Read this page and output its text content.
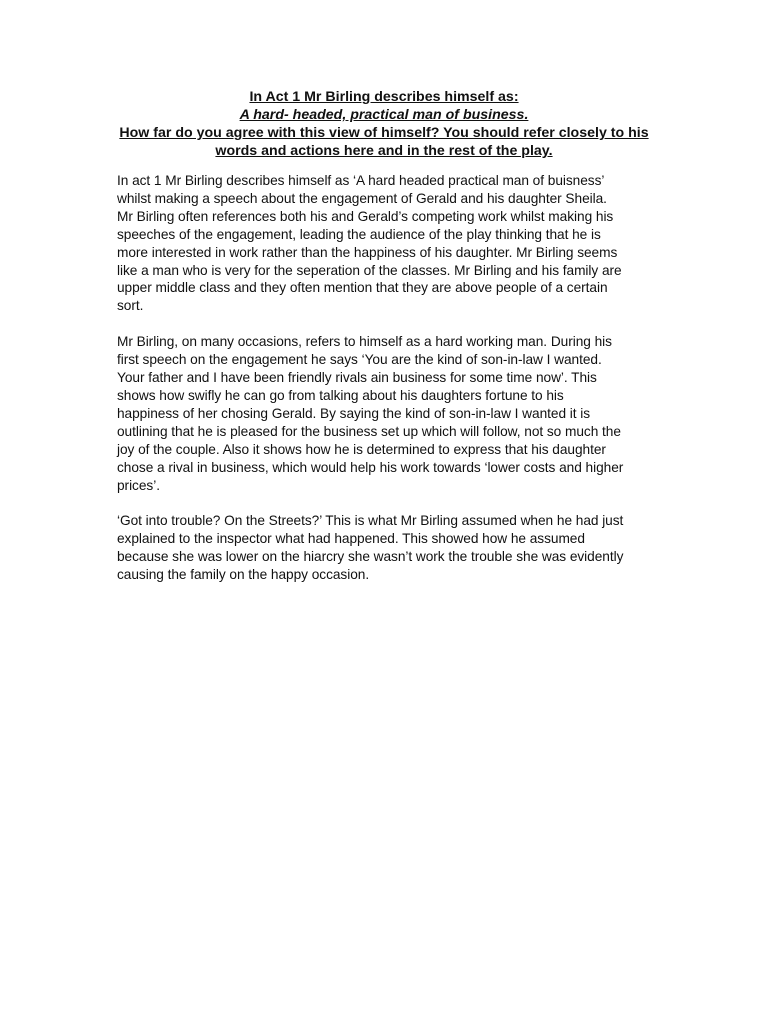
In Act 1 Mr Birling describes himself as:
A hard- headed, practical man of business.
How far do you agree with this view of himself? You should refer closely to his
words and actions here and in the rest of the play.
In act 1 Mr Birling describes himself as ‘A hard headed practical man of buisness’
whilst making a speech about the engagement of Gerald and his daughter Sheila.
Mr Birling often references both his and Gerald’s competing work whilst making his
speeches of the engagement, leading the audience of the play thinking that he is
more interested in work rather than the happiness of his daughter. Mr Birling seems
like a man who is very for the seperation of the classes. Mr Birling and his family are
upper middle class and they often mention that they are above people of a certain
sort.
Mr Birling, on many occasions, refers to himself as a hard working man. During his
first speech on the engagement he says ‘You are the kind of son-in-law I wanted.
Your father and I have been friendly rivals ain business for some time now’. This
shows how swifly he can go from talking about his daughters fortune to his
happiness of her chosing Gerald. By saying the kind of son-in-law I wanted it is
outlining that he is pleased for the business set up which will follow, not so much the
joy of the couple. Also it shows how he is determined to express that his daughter
chose a rival in business, which would help his work towards ‘lower costs and higher
prices’.
‘Got into trouble? On the Streets?’ This is what Mr Birling assumed when he had just
explained to the inspector what had happened. This showed how he assumed
because she was lower on the hiarcry she wasn’t work the trouble she was evidently
causing the family on the happy occasion.
